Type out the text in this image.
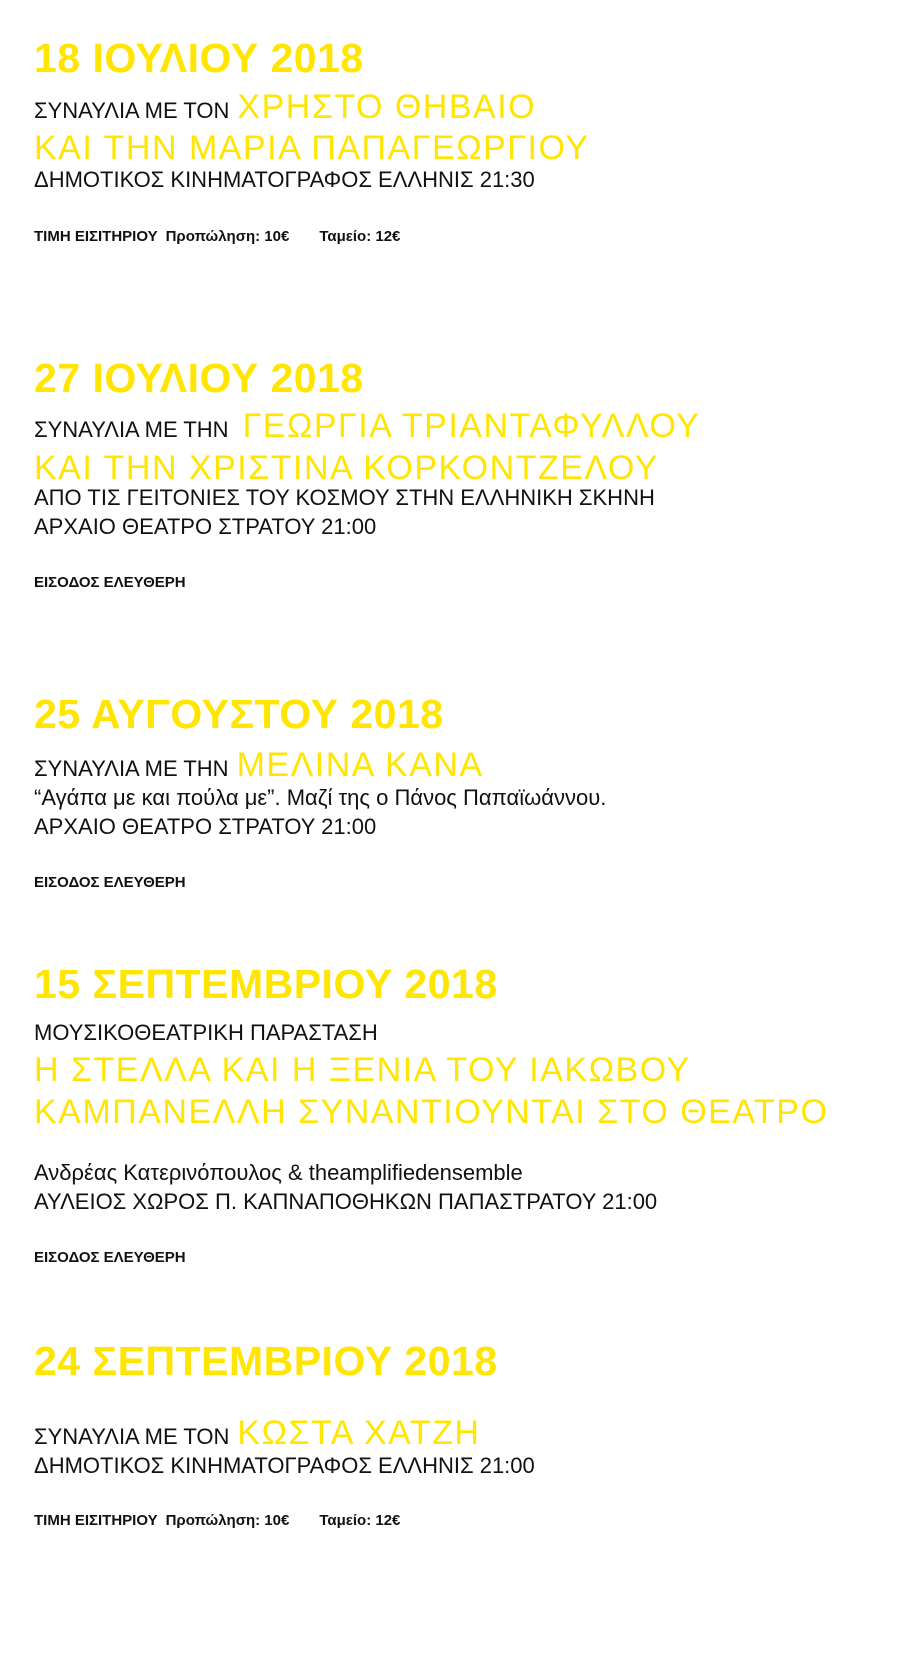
18 ΙΟΥΛΙΟΥ 2018
ΣΥΝΑΥΛΙΑ ΜΕ ΤΟΝ ΧΡΗΣΤΟ ΘΗΒΑΙΟ
ΚΑΙ ΤΗΝ ΜΑΡΙΑ ΠΑΠΑΓΕΩΡΓΙΟΥ
ΔΗΜΟΤΙΚΟΣ ΚΙΝΗΜΑΤΟΓΡΑΦΟΣ ΕΛΛΗΝΙΣ 21:30
ΤΙΜΗ ΕΙΣΙΤΗΡΙΟΥ Προπώληση: 10€ Ταμείο: 12€
27 ΙΟΥΛΙΟΥ 2018
ΣΥΝΑΥΛΙΑ ΜΕ ΤΗΝ ΓΕΩΡΓΙΑ ΤΡΙΑΝΤΑΦΥΛΛΟΥ
ΚΑΙ ΤΗΝ ΧΡΙΣΤΙΝΑ ΚΟΡΚΟΝΤΖΕΛΟΥ
ΑΠΟ ΤΙΣ ΓΕΙΤΟΝΙΕΣ ΤΟΥ ΚΟΣΜΟΥ ΣΤΗΝ ΕΛΛΗΝΙΚΗ ΣΚΗΝΗ
ΑΡΧΑΙΟ ΘΕΑΤΡΟ ΣΤΡΑΤΟΥ 21:00
ΕΙΣΟΔΟΣ ΕΛΕΥΘΕΡΗ
25 ΑΥΓΟΥΣΤΟΥ 2018
ΣΥΝΑΥΛΙΑ ΜΕ ΤΗΝ ΜΕΛΙΝΑ ΚΑΝΑ
“Αγάπα με και πούλα με”. Μαζί της ο Πάνος Παπαϊωάννου.
ΑΡΧΑΙΟ ΘΕΑΤΡΟ ΣΤΡΑΤΟΥ 21:00
ΕΙΣΟΔΟΣ ΕΛΕΥΘΕΡΗ
15 ΣΕΠΤΕΜΒΡΙΟΥ 2018
ΜΟΥΣΙΚΟΘΕΑΤΡΙΚΗ ΠΑΡΑΣΤΑΣΗ
Η ΣΤΕΛΛΑ ΚΑΙ Η ΞΕΝΙΑ ΤΟΥ ΙΑΚΩΒΟΥ
ΚΑΜΠΑΝΕΛΛΗ ΣΥΝΑΝΤΙΟΥΝΤΑΙ ΣΤΟ ΘΕΑΤΡΟ
Ανδρέας Κατερινόπουλος & theamplifiedensemble
ΑΥΛΕΙΟΣ ΧΩΡΟΣ Π. ΚΑΠΝΑΠΟΘΗΚΩΝ ΠΑΠΑΣΤΡΑΤΟΥ 21:00
ΕΙΣΟΔΟΣ ΕΛΕΥΘΕΡΗ
24 ΣΕΠΤΕΜΒΡΙΟΥ 2018
ΣΥΝΑΥΛΙΑ ΜΕ ΤΟΝ ΚΩΣΤΑ ΧΑΤΖΗ
ΔΗΜΟΤΙΚΟΣ ΚΙΝΗΜΑΤΟΓΡΑΦΟΣ ΕΛΛΗΝΙΣ 21:00
ΤΙΜΗ ΕΙΣΙΤΗΡΙΟΥ Προπώληση: 10€ Ταμείο: 12€
